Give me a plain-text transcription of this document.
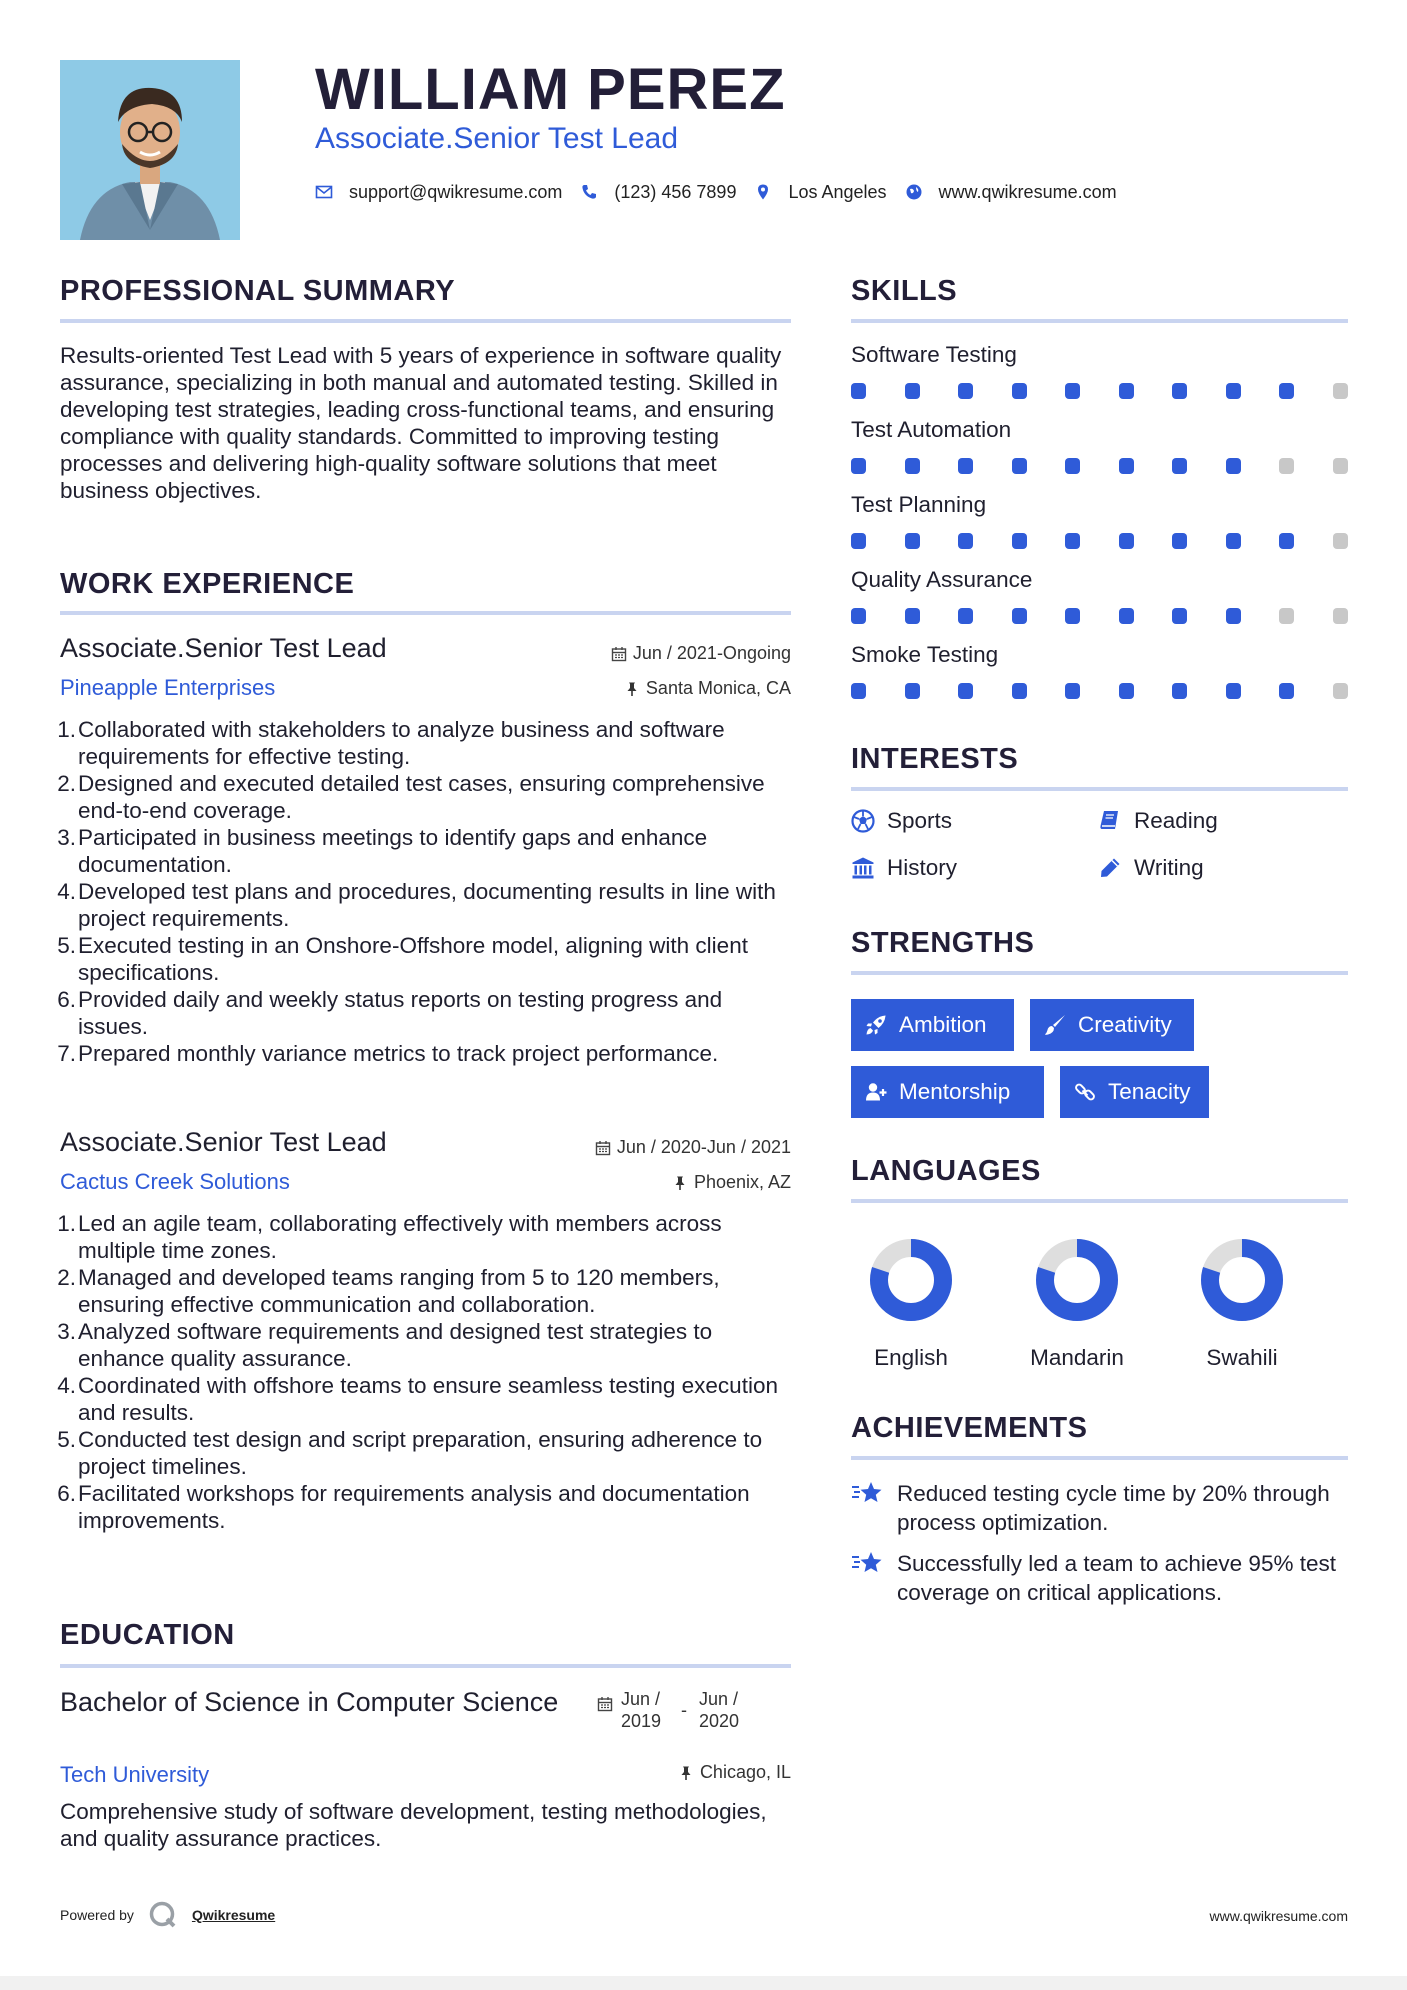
WILLIAM PEREZ
Associate.Senior Test Lead
support@qwikresume.com	(123) 456 7899	Los Angeles	www.qwikresume.com
PROFESSIONAL SUMMARY
Results-oriented Test Lead with 5 years of experience in software quality assurance, specializing in both manual and automated testing. Skilled in developing test strategies, leading cross-functional teams, and ensuring compliance with quality standards. Committed to improving testing processes and delivering high-quality software solutions that meet business objectives.
WORK EXPERIENCE
Associate.Senior Test Lead	Jun / 2021-Ongoing
Pineapple Enterprises	Santa Monica, CA
1. Collaborated with stakeholders to analyze business and software requirements for effective testing.
2. Designed and executed detailed test cases, ensuring comprehensive end-to-end coverage.
3. Participated in business meetings to identify gaps and enhance documentation.
4. Developed test plans and procedures, documenting results in line with project requirements.
5. Executed testing in an Onshore-Offshore model, aligning with client specifications.
6. Provided daily and weekly status reports on testing progress and issues.
7. Prepared monthly variance metrics to track project performance.
Associate.Senior Test Lead	Jun / 2020-Jun / 2021
Cactus Creek Solutions	Phoenix, AZ
1. Led an agile team, collaborating effectively with members across multiple time zones.
2. Managed and developed teams ranging from 5 to 120 members, ensuring effective communication and collaboration.
3. Analyzed software requirements and designed test strategies to enhance quality assurance.
4. Coordinated with offshore teams to ensure seamless testing execution and results.
5. Conducted test design and script preparation, ensuring adherence to project timelines.
6. Facilitated workshops for requirements analysis and documentation improvements.
EDUCATION
Bachelor of Science in Computer Science	Jun / 2019
-
Jun / 2020
Tech University	Chicago, IL
Comprehensive study of software development, testing methodologies, and quality assurance practices.
SKILLS
Software Testing
Test Automation
Test Planning
Quality Assurance
Smoke Testing
INTERESTS
Sports	Reading
History	Writing
STRENGTHS
Ambition	Creativity
Mentorship	Tenacity
LANGUAGES
English	Mandarin	Swahili
ACHIEVEMENTS
Reduced testing cycle time by 20% through process optimization.
Successfully led a team to achieve 95% test coverage on critical applications.
Powered by	Qwikresume	www.qwikresume.com
